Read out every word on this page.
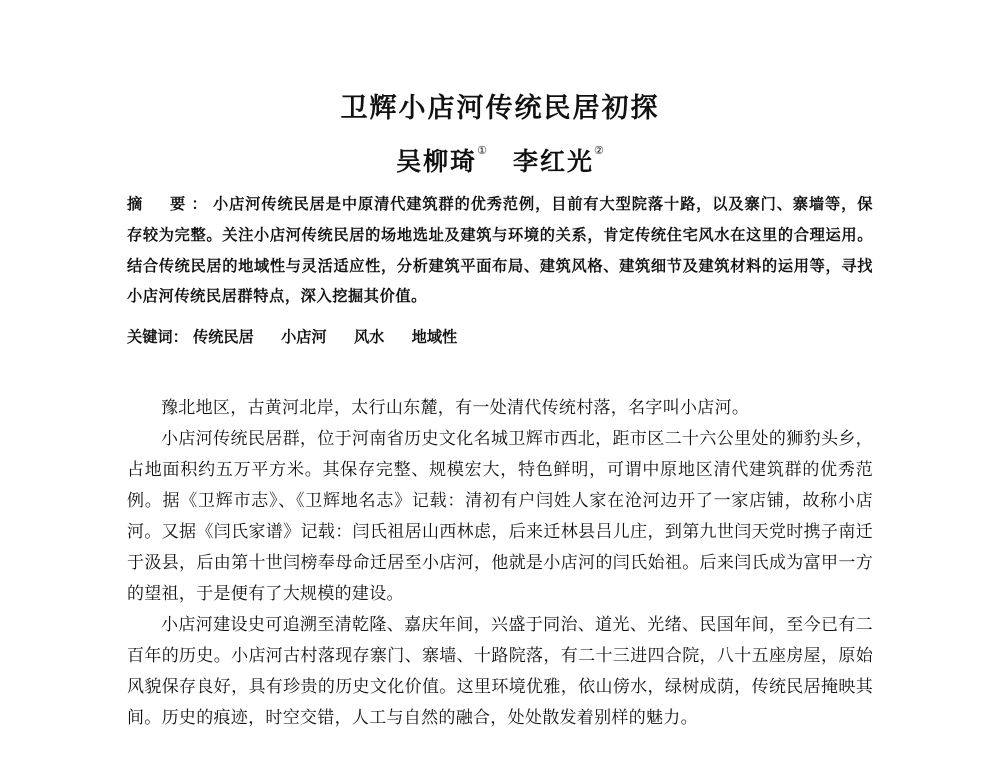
卫辉小店河传统民居初探
吴柳琦① 李红光②
摘　要：小店河传统民居是中原清代建筑群的优秀范例，目前有大型院落十路，以及寨门、寨墙等，保存较为完整。关注小店河传统民居的场地选址及建筑与环境的关系，肯定传统住宅风水在这里的合理运用。结合传统民居的地域性与灵活适应性，分析建筑平面布局、建筑风格、建筑细节及建筑材料的运用等，寻找小店河传统民居群特点，深入挖掘其价值。
关键词： 传统民居 小店河 风水 地域性

豫北地区，古黄河北岸，太行山东麓，有一处清代传统村落，名字叫小店河。

小店河传统民居群，位于河南省历史文化名城卫辉市西北，距市区二十六公里处的狮豹头乡，占地面积约五万平方米。其保存完整、规模宏大，特色鲜明，可谓中原地区清代建筑群的优秀范例。据《卫辉市志》、《卫辉地名志》记载：清初有户闫姓人家在沧河边开了一家店铺，故称小店河。又据《闫氏家谱》记载：闫氏祖居山西林虑，后来迁林县吕儿庄，到第九世闫天党时携子南迁于汲县，后由第十世闫榜奉母命迁居至小店河，他就是小店河的闫氏始祖。后来闫氏成为富甲一方的望祖，于是便有了大规模的建设。

小店河建设史可追溯至清乾隆、嘉庆年间，兴盛于同治、道光、光绪、民国年间，至今已有二百年的历史。小店河古村落现存寨门、寨墙、十路院落，有二十三进四合院，八十五座房屋，原始风貌保存良好，具有珍贵的历史文化价值。这里环境优雅，依山傍水，绿树成荫，传统民居掩映其间。历史的痕迹，时空交错，人工与自然的融合，处处散发着别样的魅力。
